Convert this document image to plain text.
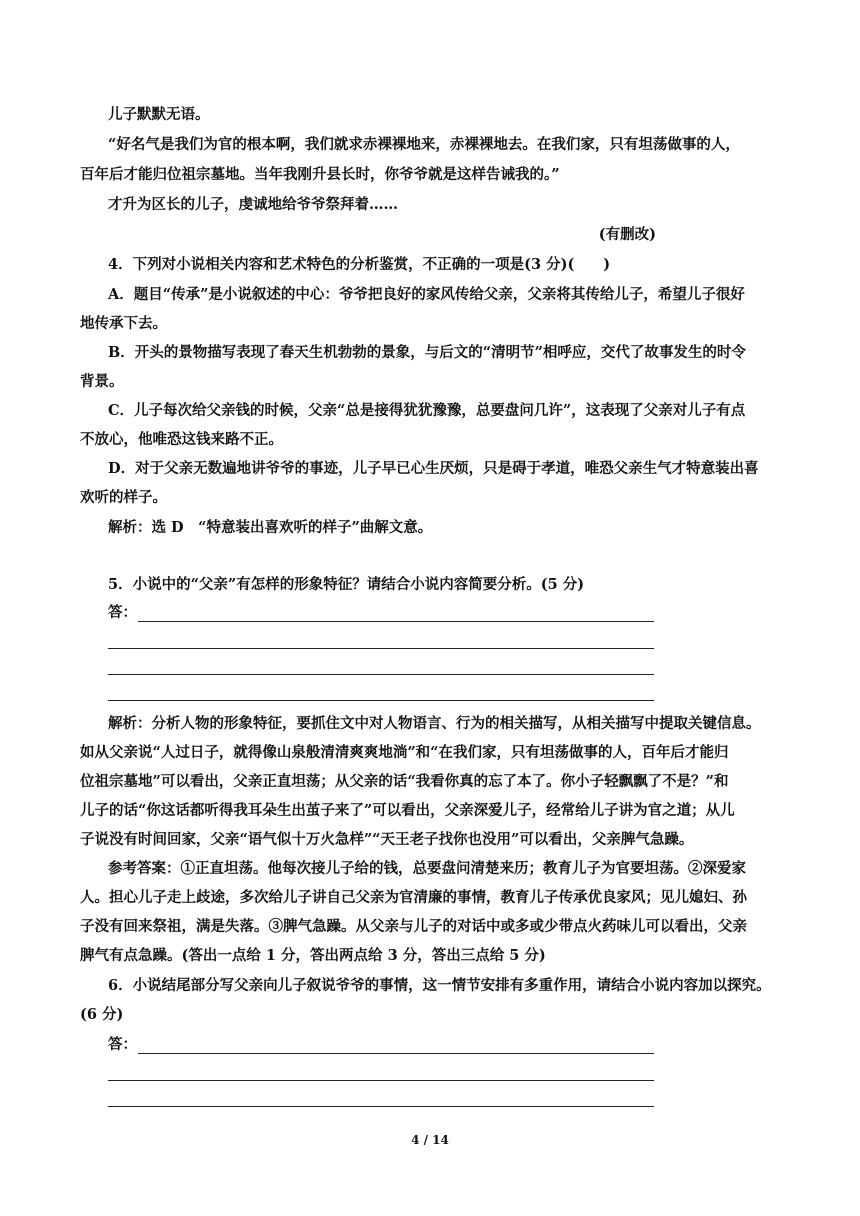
儿子默默无语。
“好名气是我们为官的根本啊，我们就求赤裸裸地来，赤裸裸地去。在我们家，只有坦荡做事的人，
百年后才能归位祖宗墓地。当年我刚升县长时，你爷爷就是这样告诫我的。”
才升为区长的儿子，虔诚地给爷爷祭拜着……
(有删改)
4．下列对小说相关内容和艺术特色的分析鉴赏，不正确的一项是(3 分)(　　)
A．题目“传承”是小说叙述的中心：爷爷把良好的家风传给父亲，父亲将其传给儿子，希望儿子很好
地传承下去。
B．开头的景物描写表现了春天生机勃勃的景象，与后文的“清明节”相呼应，交代了故事发生的时令
背景。
C．儿子每次给父亲钱的时候，父亲“总是接得犹犹豫豫，总要盘问几许”，这表现了父亲对儿子有点
不放心，他唯恐这钱来路不正。
D．对于父亲无数遍地讲爷爷的事迹，儿子早已心生厌烦，只是碍于孝道，唯恐父亲生气才特意装出喜
欢听的样子。
解析：选 D　“特意装出喜欢听的样子”曲解文意。
5．小说中的“父亲”有怎样的形象特征？请结合小说内容简要分析。(5 分)
答：
解析：分析人物的形象特征，要抓住文中对人物语言、行为的相关描写，从相关描写中提取关键信息。
如从父亲说“人过日子，就得像山泉般清清爽爽地淌”和“在我们家，只有坦荡做事的人，百年后才能归
位祖宗墓地”可以看出，父亲正直坦荡；从父亲的话“我看你真的忘了本了。你小子轻飘飘了不是？”和
儿子的话“你这话都听得我耳朵生出茧子来了”可以看出，父亲深爱儿子，经常给儿子讲为官之道；从儿
子说没有时间回家，父亲“语气似十万火急样”“天王老子找你也没用”可以看出，父亲脾气急躁。
参考答案：①正直坦荡。他每次接儿子给的钱，总要盘问清楚来历；教育儿子为官要坦荡。②深爱家
人。担心儿子走上歧途，多次给儿子讲自己父亲为官清廉的事情，教育儿子传承优良家风；见儿媳妇、孙
子没有回来祭祖，满是失落。③脾气急躁。从父亲与儿子的对话中或多或少带点火药味儿可以看出，父亲
脾气有点急躁。(答出一点给 1 分，答出两点给 3 分，答出三点给 5 分)
6．小说结尾部分写父亲向儿子叙说爷爷的事情，这一情节安排有多重作用，请结合小说内容加以探究。
(6 分)
答：
4 / 14
